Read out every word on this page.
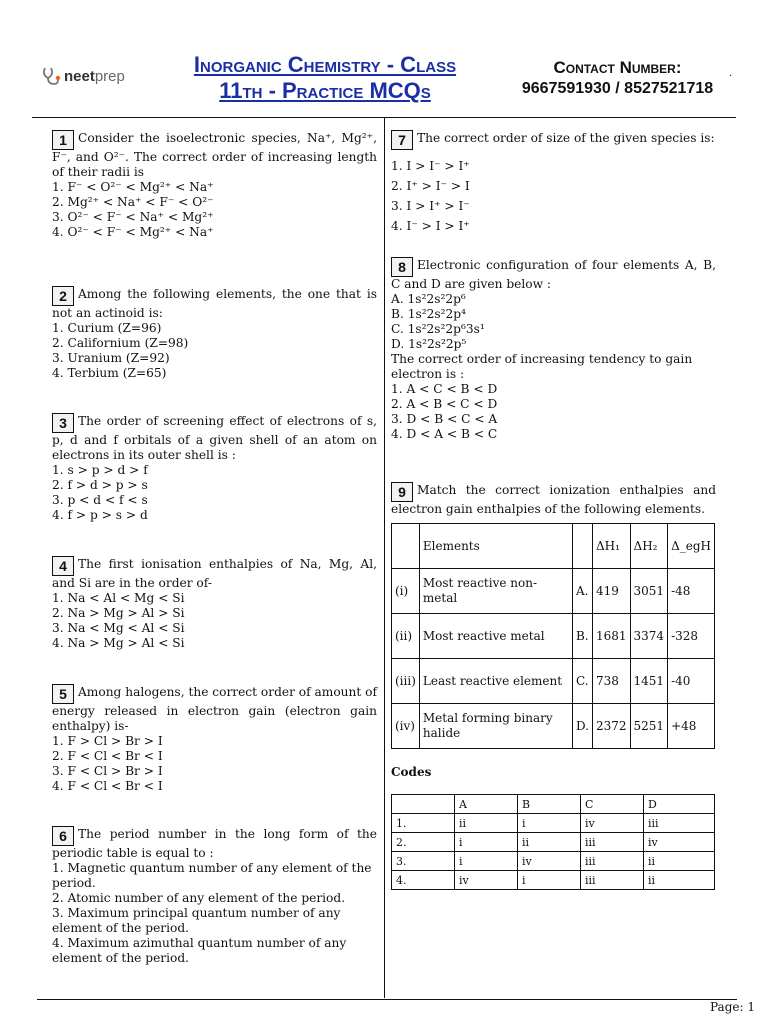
neet prep	Inorganic Chemistry - Class
11th - Practice MCQs
Contact Number:
9667591930 / 8527521718
.
1 Consider the isoelectronic species, Na⁺, Mg²⁺, F⁻, and O²⁻. The correct order of increasing length of their radii is
1. F⁻ < O²⁻ < Mg²⁺ < Na⁺
2. Mg²⁺ < Na⁺ < F⁻ < O²⁻
3. O²⁻ < F⁻ < Na⁺ < Mg²⁺
4. O²⁻ < F⁻ < Mg²⁺ < Na⁺
2 Among the following elements, the one that is not an actinoid is:
1. Curium (Z=96)
2. Californium (Z=98)
3. Uranium (Z=92)
4. Terbium (Z=65)
3 The order of screening effect of electrons of s, p, d and f orbitals of a given shell of an atom on electrons in its outer shell is :
1. s > p > d > f
2. f > d > p > s
3. p < d < f < s
4. f > p > s > d
4 The first ionisation enthalpies of Na, Mg, Al, and Si are in the order of-
1. Na < Al < Mg < Si
2. Na > Mg > Al > Si
3. Na < Mg < Al < Si
4. Na > Mg > Al < Si
5 Among halogens, the correct order of amount of energy released in electron gain (electron gain enthalpy) is-
1. F > Cl > Br > I
2. F < Cl < Br < I
3. F < Cl > Br > I
4. F < Cl < Br < I
6 The period number in the long form of the periodic table is equal to :
1. Magnetic quantum number of any element of the period.
2. Atomic number of any element of the period.
3. Maximum principal quantum number of any element of the period.
4. Maximum azimuthal quantum number of any element of the period.
7 The correct order of size of the given species is:
1. I > I⁻ > I⁺
2. I⁺ > I⁻ > I
3. I > I⁺ > I⁻
4. I⁻ > I > I⁺
8 Electronic configuration of four elements A, B, C and D are given below :
A. 1s²2s²2p⁶
B. 1s²2s²2p⁴
C. 1s²2s²2p⁶3s¹
D. 1s²2s²2p⁵
The correct order of increasing tendency to gain electron is :
1. A < C < B < D
2. A < B < C < D
3. D < B < C < A
4. D < A < B < C
9 Match the correct ionization enthalpies and electron gain enthalpies of the following elements.
	Elements		ΔH₁	ΔH₂	Δ_egH
(i)	Most reactive non-metal	A.	419	3051	-48
(ii)	Most reactive metal	B.	1681	3374	-328
(iii)	Least reactive element	C.	738	1451	-40
(iv)	Metal forming binary halide	D.	2372	5251	+48
Codes
	A	B	C	D
1.	ii	i	iv	iii
2.	i	ii	iii	iv
3.	i	iv	iii	ii
4.	iv	i	iii	ii
Page: 1
